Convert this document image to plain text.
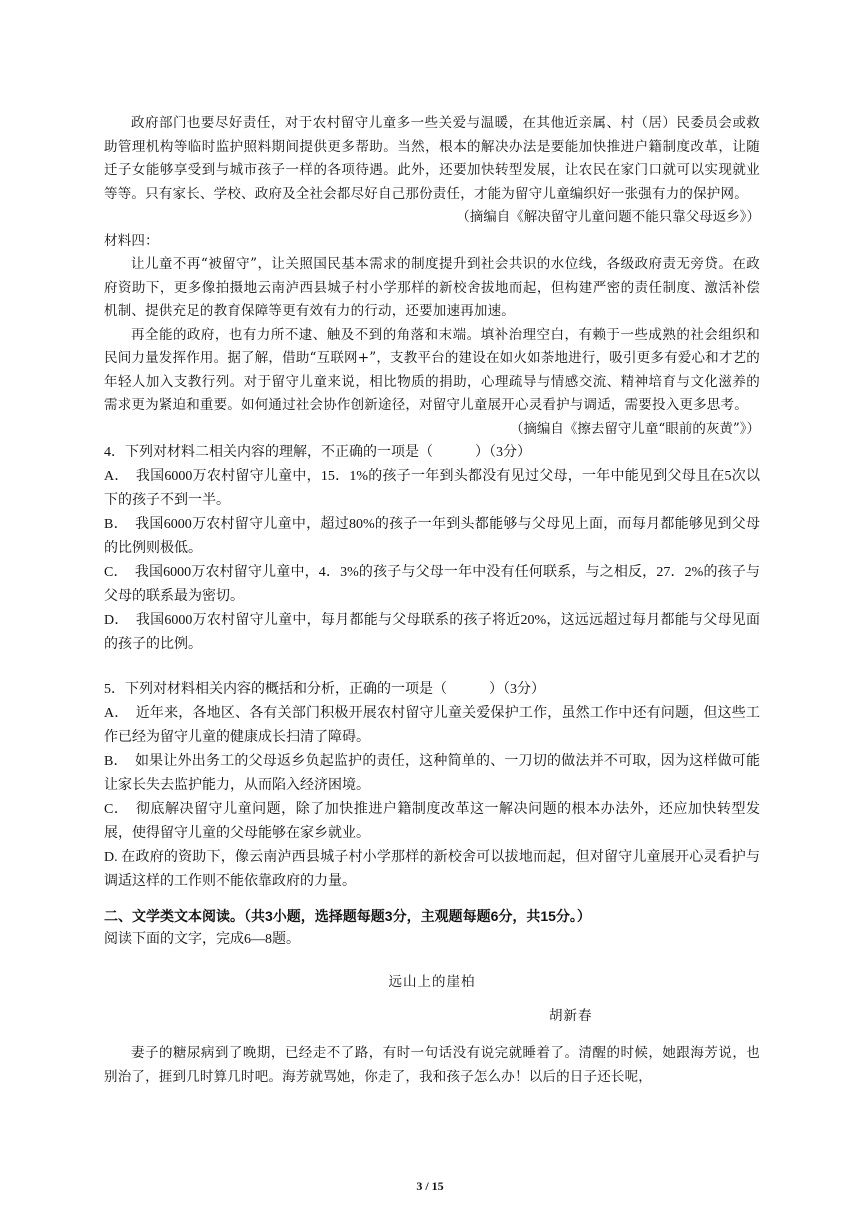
政府部门也要尽好责任，对于农村留守儿童多一些关爱与温暖，在其他近亲属、村（居）民委员会或救助管理机构等临时监护照料期间提供更多帮助。当然，根本的解决办法是要能加快推进户籍制度改革，让随迁子女能够享受到与城市孩子一样的各项待遇。此外，还要加快转型发展，让农民在家门口就可以实现就业等等。只有家长、学校、政府及全社会都尽好自己那份责任，才能为留守儿童编织好一张强有力的保护网。

（摘编自《解决留守儿童问题不能只靠父母返乡》）

材料四：

让儿童不再“被留守”，让关照国民基本需求的制度提升到社会共识的水位线，各级政府责无旁贷。在政府资助下，更多像拍摄地云南泸西县城子村小学那样的新校舍拔地而起，但构建严密的责任制度、激活补偿机制、提供充足的教育保障等更有效有力的行动，还要加速再加速。

再全能的政府，也有力所不逮、触及不到的角落和末端。填补治理空白，有赖于一些成熟的社会组织和民间力量发挥作用。据了解，借助“互联网+”，支教平台的建设在如火如荼地进行，吸引更多有爱心和才艺的年轻人加入支教行列。对于留守儿童来说，相比物质的捐助，心理疏导与情感交流、精神培育与文化滋养的需求更为紧迫和重要。如何通过社会协作创新途径，对留守儿童展开心灵看护与调适，需要投入更多思考。

（摘编自《擦去留守儿童“眼前的灰黄”》）

4．下列对材料二相关内容的理解，不正确的一项是（　　　）（3分）

A．　我国6000万农村留守儿童中，15．1%的孩子一年到头都没有见过父母，一年中能见到父母且在5次以下的孩子不到一半。

B．　我国6000万农村留守儿童中，超过80%的孩子一年到头都能够与父母见上面，而每月都能够见到父母的比例则极低。

C．　我国6000万农村留守儿童中，4．3%的孩子与父母一年中没有任何联系，与之相反，27．2%的孩子与父母的联系最为密切。

D．　我国6000万农村留守儿童中，每月都能与父母联系的孩子将近20%，这远远超过每月都能与父母见面的孩子的比例。

5．下列对材料相关内容的概括和分析，正确的一项是（　　　）（3分）

A．　近年来，各地区、各有关部门积极开展农村留守儿童关爱保护工作，虽然工作中还有问题，但这些工作已经为留守儿童的健康成长扫清了障碍。

B．　如果让外出务工的父母返乡负起监护的责任，这种简单的、一刀切的做法并不可取，因为这样做可能让家长失去监护能力，从而陷入经济困境。

C．　彻底解决留守儿童问题，除了加快推进户籍制度改革这一解决问题的根本办法外，还应加快转型发展，使得留守儿童的父母能够在家乡就业。

D. 在政府的资助下，像云南泸西县城子村小学那样的新校舍可以拔地而起，但对留守儿童展开心灵看护与调适这样的工作则不能依靠政府的力量。

二、文学类文本阅读。（共3小题，选择题每题3分，主观题每题6分，共15分。）

阅读下面的文字，完成6—8题。

远山上的崖柏

胡新春

妻子的糖尿病到了晚期，已经走不了路，有时一句话没有说完就睡着了。清醒的时候，她跟海芳说，也别治了，捱到几时算几时吧。海芳就骂她，你走了，我和孩子怎么办！以后的日子还长呢，

3 / 15
